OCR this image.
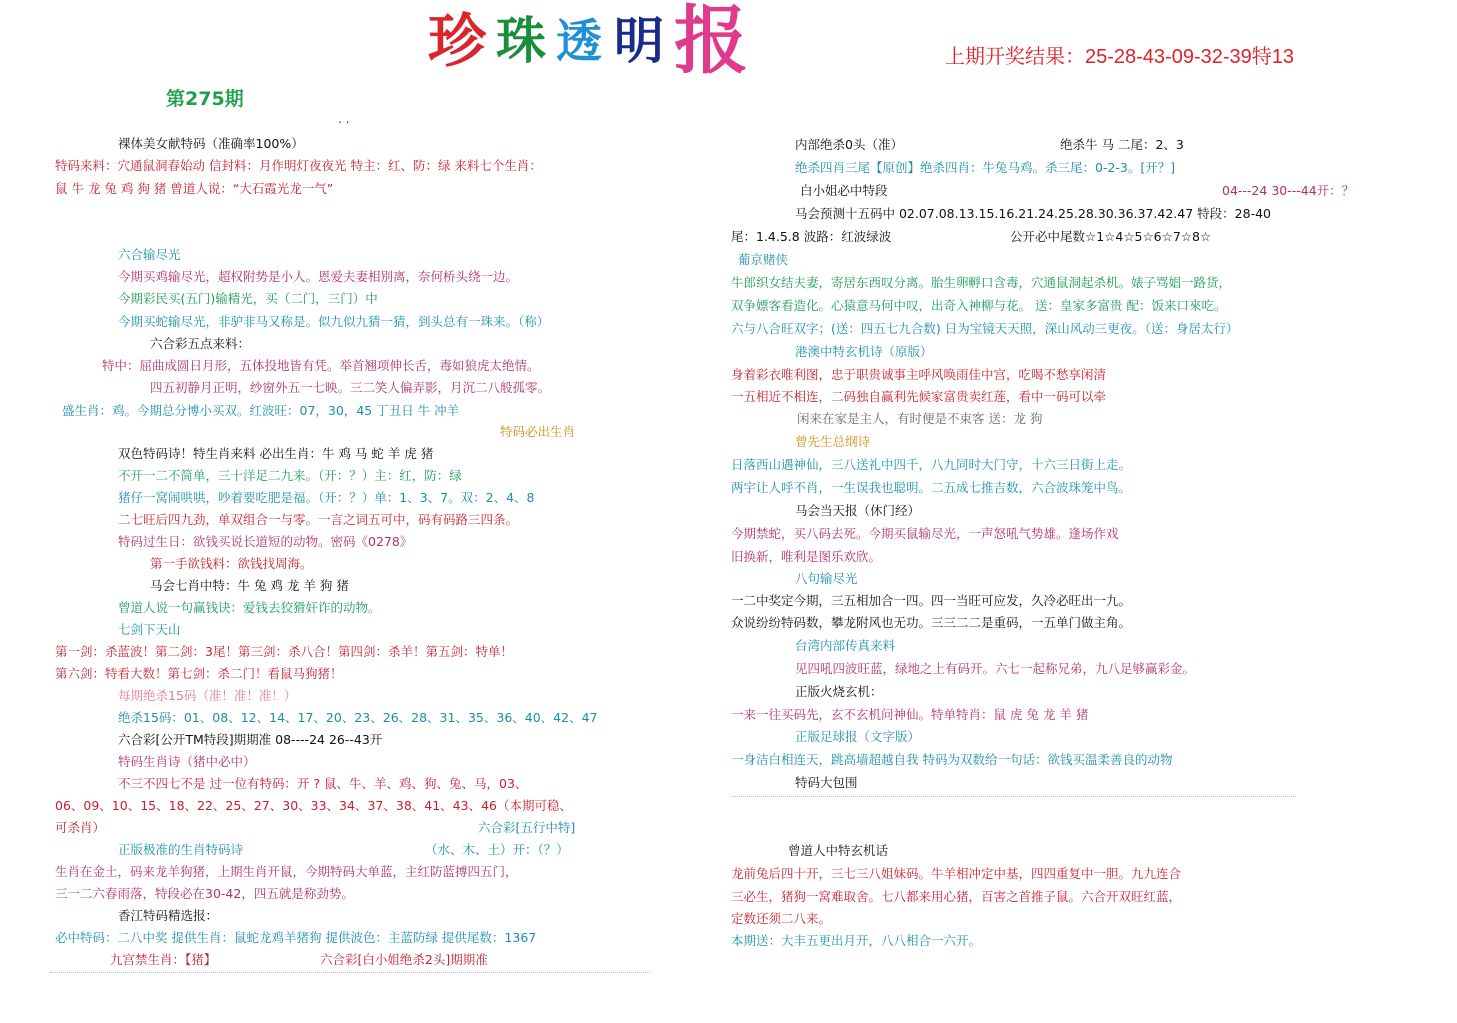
珍 珠 透 明 报	上期开奖结果：25-28-43-09-32-39特13
第275期
. .
裸体美女献特码（准确率100%）
特码来料：穴通鼠洞春始动 信封料：月作明灯夜夜光 特主：红、防：绿 来料七个生肖：
鼠 牛 龙 兔 鸡 狗 猪 曾道人说：“大石霞光龙一气”
六合输尽光
今期买鸡输尽光，超权附势是小人。恩爱夫妻相别离，奈何桥头绕一边。
今期彩民买(五门)输精光，买（二门，三门）中
今期买蛇输尽光，非驴非马又称是。似九似九猜一猜，到头总有一珠来。（称）
六合彩五点来料：
特中：屈曲成圆日月形，五体投地皆有凭。举首翘项伸长舌，毒如狼虎太绝情。
四五初静月正明，纱窗外五一七映。三二笑人偏弄影，月沉二八般孤零。
盛生肖：鸡。今期总分博小买双。红波旺：07，30，45 丁丑日 牛 冲羊
特码必出生肖
双色特码诗！特生肖来料 必出生肖：牛 鸡 马 蛇 羊 虎 猪
不开一二不简单，三十洋足二九来。（开：？）主：红，防：绿
猪仔一窝闹哄哄，吵着要吃肥是福。（开：？）单：1、3、7。双：2、4、8
二七旺后四九劲，单双组合一与零。一言之词五可中，码有码路三四条。
特码过生日：欲钱买说长道短的动物。密码《0278》
第一手欲钱料：欲钱找周海。
马会七肖中特：牛 兔 鸡 龙 羊 狗 猪
曾道人说一句赢钱诀：爱钱去狡猾奸诈的动物。
七剑下天山
第一剑：杀蓝波！第二剑：3尾！第三剑：杀八合！第四剑：杀羊！第五剑：特单！
第六剑：特看大数！第七剑：杀二门！看鼠马狗猪！
每期绝杀15码（准！准！准！）
绝杀15码：01、08、12、14、17、20、23、26、28、31、35、36、40、42、47
六合彩[公开TM特段]期期准 08----24 26--43开
特码生肖诗（猪中必中）
不三不四七不是 过一位有特码：开 ? 鼠、牛、羊、鸡、狗、兔、马，03、
06、09、10、15、18、22、25、27、30、33、34、37、38、41、43、46（本期可稳、
可杀肖）	六合彩[五行中特]
正版极准的生肖特码诗	（水、木、土）开：（？）
生肖在金土，码来龙羊狗猪，上期生肖开鼠，今期特码大单蓝，主红防蓝搏四五门，
三一二六春雨落，特段必在30-42，四五就是称劲势。
香江特码精选报：
必中特码：二八中奖 提供生肖：鼠蛇龙鸡羊猪狗 提供波色：主蓝防绿 提供尾数：1367
九宫禁生肖：【猪】	六合彩[白小姐绝杀2头]期期准
内部绝杀0头（准）	绝杀牛 马 二尾：2、3
绝杀四肖三尾【原创】绝杀四肖：牛兔马鸡。杀三尾：0-2-3。[开？]
白小姐必中特段	04---24 30---44开：？
马会预测十五码中 02.07.08.13.15.16.21.24.25.28.30.36.37.42.47 特段：28-40
尾：1.4.5.8 波路：红波绿波	公开必中尾数☆1☆4☆5☆6☆7☆8☆
葡京赌侠
牛郎织女结夫妻，寄居东西叹分离。胎生卵孵口含毒，穴通鼠洞起杀机。婊子骂娼一路货，
双争嫖客看造化。心猿意马何中叹，出奇入神柳与花。 送：皇家多富贵 配：饭来口來吃。
六与八合旺双字；(送：四五七九合数) 日为宝镜天天照，深山风动三更夜。（送：身居太行）
港澳中特玄机诗（原版）
身着彩衣唯利图，忠于职贵诚事主呼风唤雨佳中宫，吃喝不愁享闲清
一五相近不相连，二码独自赢利先候家富贵卖红莲，看中一码可以牵
闲来在家是主人，有时便是不束客 送：龙 狗
曾先生总纲诗
日落西山遇神仙，三八送礼中四千，八九同时大门守，十六三日街上走。
两宇让人呼不肖，一生误我也聪明。二五成七推吉数，六合波珠笼中鸟。
马会当天报（休门经）
今期禁蛇，买八码去死。今期买鼠输尽光，一声怒吼气势雄。逢场作戏
旧换新，唯利是图乐欢欣。
八句输尽光
一二中奖定今期，三五相加合一四。四一当旺可应发，久冷必旺出一九。
众说纷纷特码数，攀龙附风也无功。三三二二是重码，一五单门做主角。
台湾内部传真来料
见四吼四波旺蓝，绿地之上有码开。六七一起称兄弟，九八足够赢彩金。
正版火烧玄机：
一来一往买码先，玄不玄机问神仙。特单特肖：鼠 虎 兔 龙 羊 猪
正版足球报（文字版）
一身洁白相连天，跳高墙超越自我 特码为双数给一句话：欲钱买温柔善良的动物
特码大包围
曾道人中特玄机话
龙前兔后四十开，三七三八姐妹码。牛羊相冲定中基，四四重复中一胆。九九连合
三必生，猪狗一窝难取舍。七八都来用心猪，百害之首推子鼠。六合开双旺红蓝，
定数还须二八来。
本期送：大丰五更出月开，八八相合一六开。
